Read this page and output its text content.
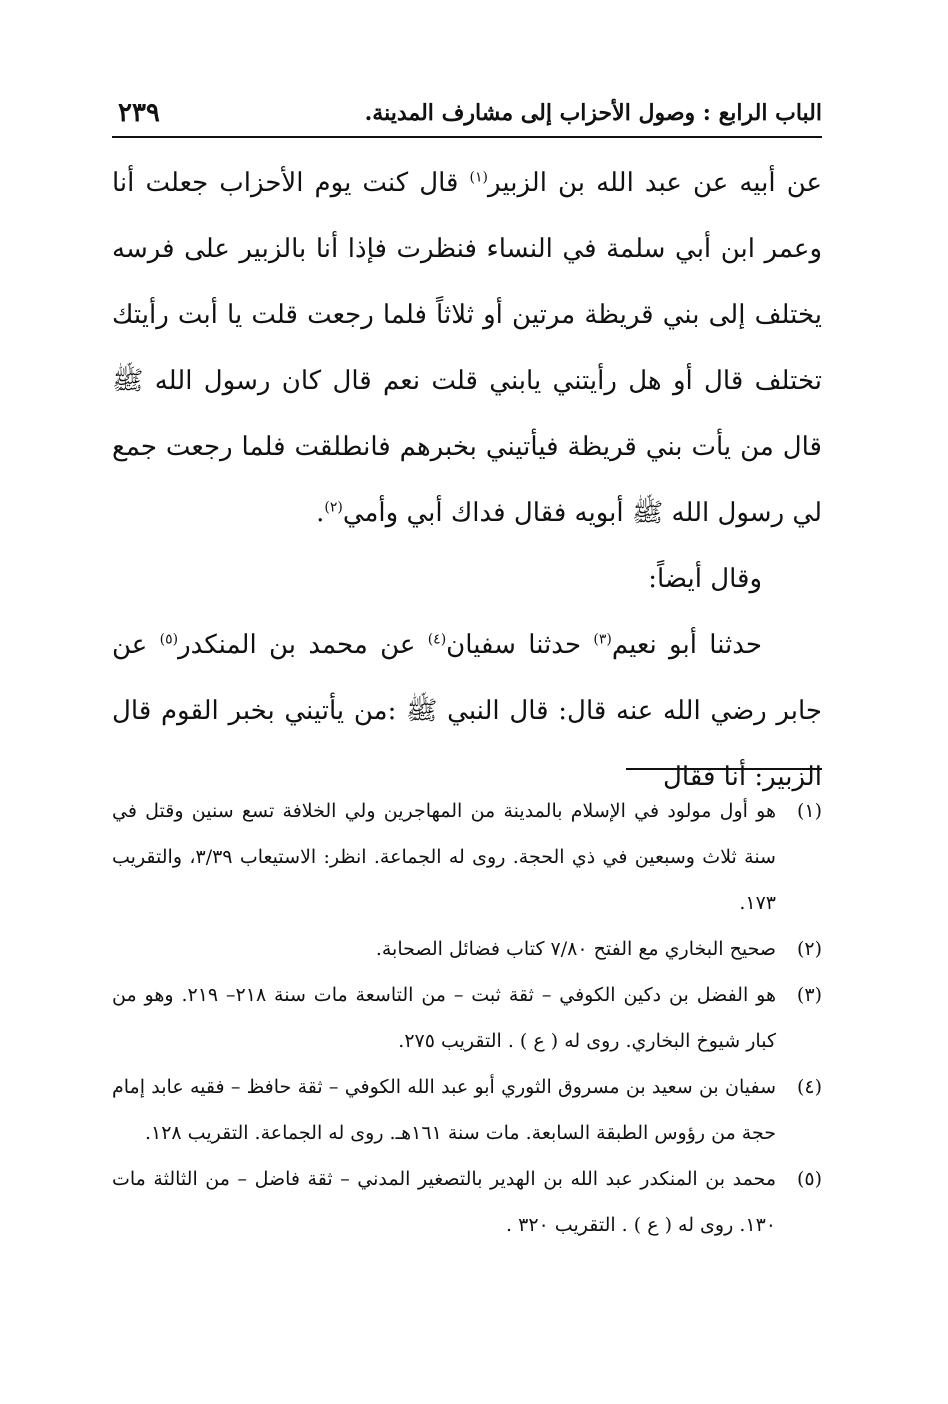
الباب الرابع : وصول الأحزاب إلى مشارف المدينة.
٢٣٩

عن أبيه عن عبد الله بن الزبير$^{(١)}$ قال كنت يوم الأحزاب جعلت أنا وعمر ابن أبي سلمة في النساء فنظرت فإذا أنا بالزبير على فرسه يختلف إلى بني قريظة مرتين أو ثلاثاً فلما رجعت قلت يا أبت رأيتك تختلف قال أو هل رأيتني يابني قلت نعم قال كان رسول الله ﷺ قال من يأت بني قريظة فيأتيني بخبرهم فانطلقت فلما رجعت جمع لي رسول الله ﷺ أبويه فقال فداك أبي وأمي$^{(٢)}$.

وقال أيضاً:

حدثنا أبو نعيم$^{(٣)}$ حدثنا سفيان$^{(٤)}$ عن محمد بن المنكدر$^{(٥)}$ عن جابر رضي الله عنه قال: قال النبي ﷺ :من يأتيني بخبر القوم قال الزبير: أنا فقال

(١)هو أول مولود في الإسلام بالمدينة من المهاجرين ولي الخلافة تسع سنين وقتل في سنة ثلاث وسبعين في ذي الحجة. روى له الجماعة. انظر: الاستيعاب ٣/٣٩، والتقريب ١٧٣.

(٢)صحيح البخاري مع الفتح ٧/٨٠ كتاب فضائل الصحابة.

(٣)هو الفضل بن دكين الكوفي – ثقة ثبت – من التاسعة مات سنة ٢١٨– ٢١٩. وهو من كبار شيوخ البخاري. روى له ( ع ) . التقريب ٢٧٥.

(٤)سفيان بن سعيد بن مسروق الثوري أبو عبد الله الكوفي – ثقة حافظ – فقيه عابد إمام حجة من رؤوس الطبقة السابعة. مات سنة ١٦١هـ. روى له الجماعة. التقريب ١٢٨.

(٥)محمد بن المنكدر عبد الله بن الهدير بالتصغير المدني – ثقة فاضل – من الثالثة مات ١٣٠. روى له ( ع ) . التقريب ٣٢٠ .
